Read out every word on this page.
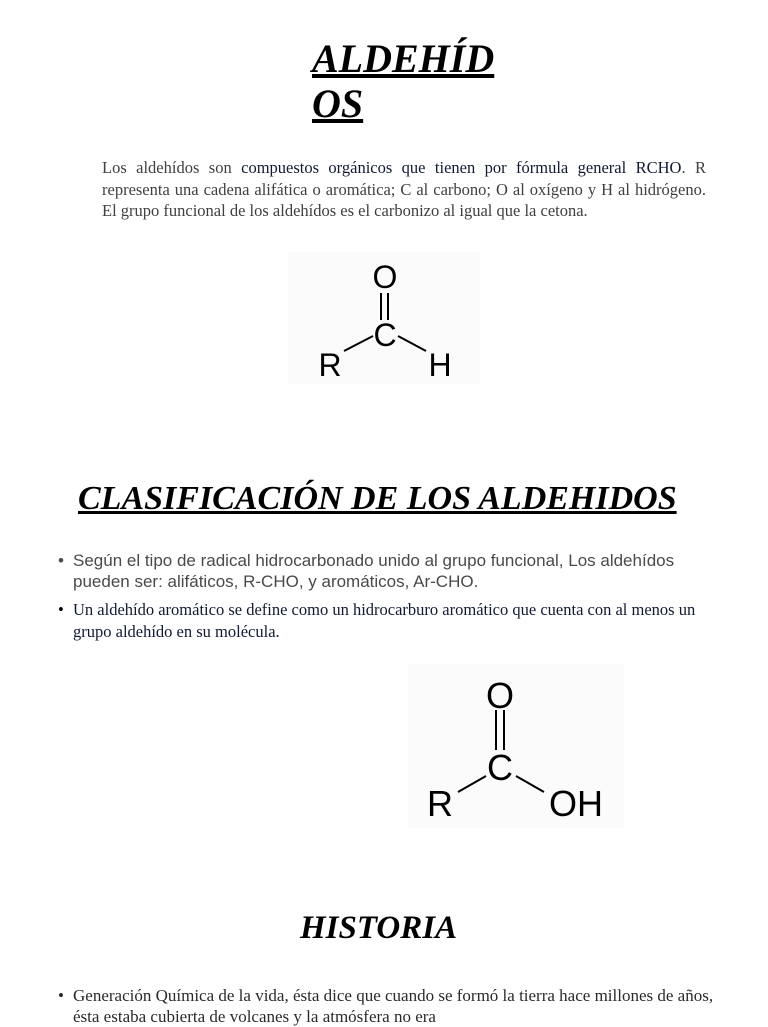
ALDEHÍD
OS

Los aldehídos son compuestos orgánicos que tienen por fórmula general RCHO. R representa una cadena alifática o aromática; C al carbono; O al oxígeno y H al hidrógeno. El grupo funcional de los aldehídos es el carbonizo al igual que la cetona.

O
C
R	H
CLASIFICACIÓN DE LOS ALDEHIDOS
• Según el tipo de radical hidrocarbonado unido al grupo funcional, Los aldehídos pueden ser: alifáticos, R-CHO, y aromáticos, Ar-CHO.
• Un aldehído aromático se define como un hidrocarburo aromático que cuenta con al menos un grupo aldehído en su molécula.
O
C
R	OH
HISTORIA
• Generación Química de la vida, ésta dice que cuando se formó la tierra hace millones de años, ésta estaba cubierta de volcanes y la atmósfera no era
